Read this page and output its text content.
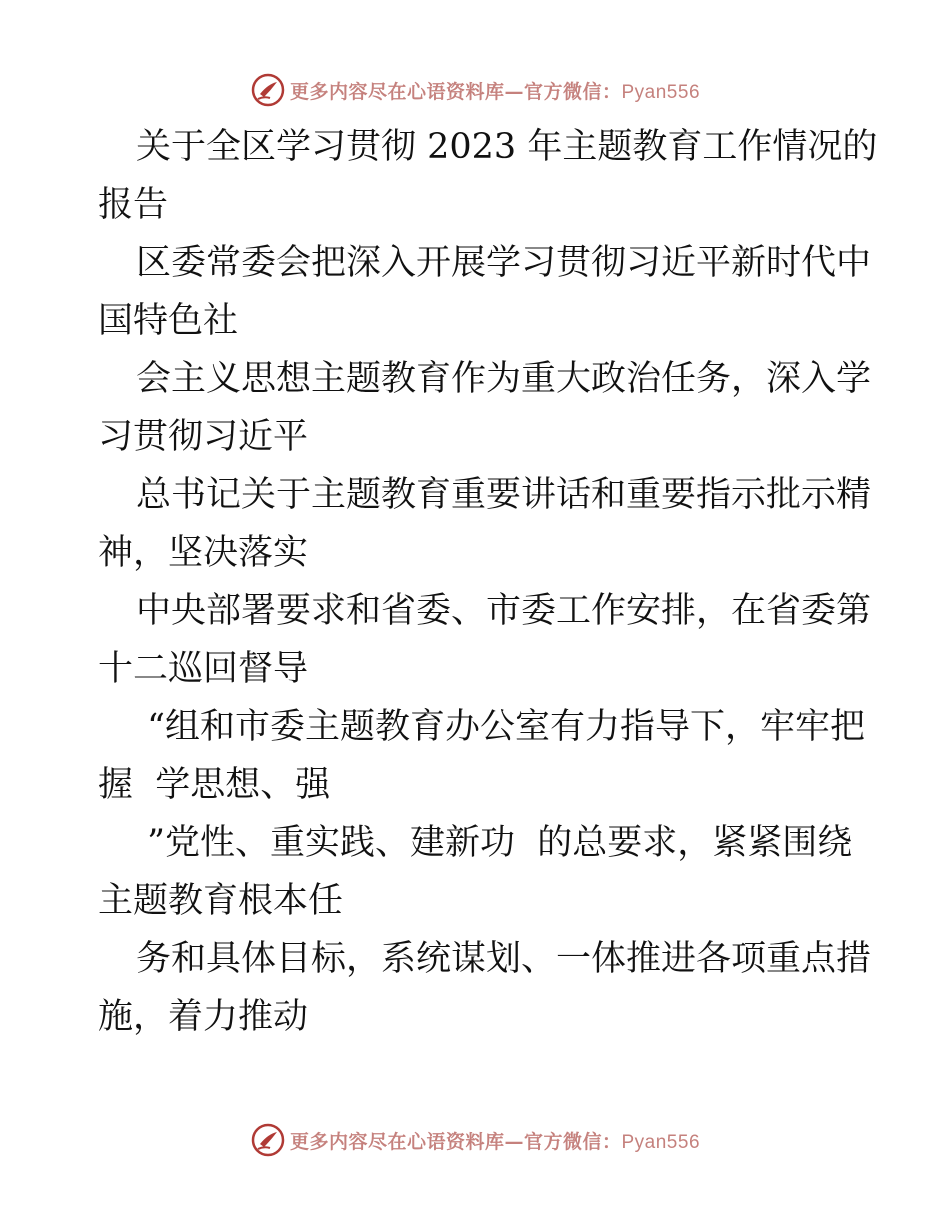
更多内容尽在心语资料库—官方微信：Pyan556
关于全区学习贯彻 2023 年主题教育工作情况的
报告
区委常委会把深入开展学习贯彻习近平新时代中
国特色社
会主义思想主题教育作为重大政治任务，深入学
习贯彻习近平
总书记关于主题教育重要讲话和重要指示批示精
神，坚决落实
中央部署要求和省委、市委工作安排，在省委第
十二巡回督导
“组和市委主题教育办公室有力指导下，牢牢把
握  学思想、强
”党性、重实践、建新功  的总要求，紧紧围绕
主题教育根本任
务和具体目标，系统谋划、一体推进各项重点措
施，着力推动
更多内容尽在心语资料库—官方微信：Pyan556
